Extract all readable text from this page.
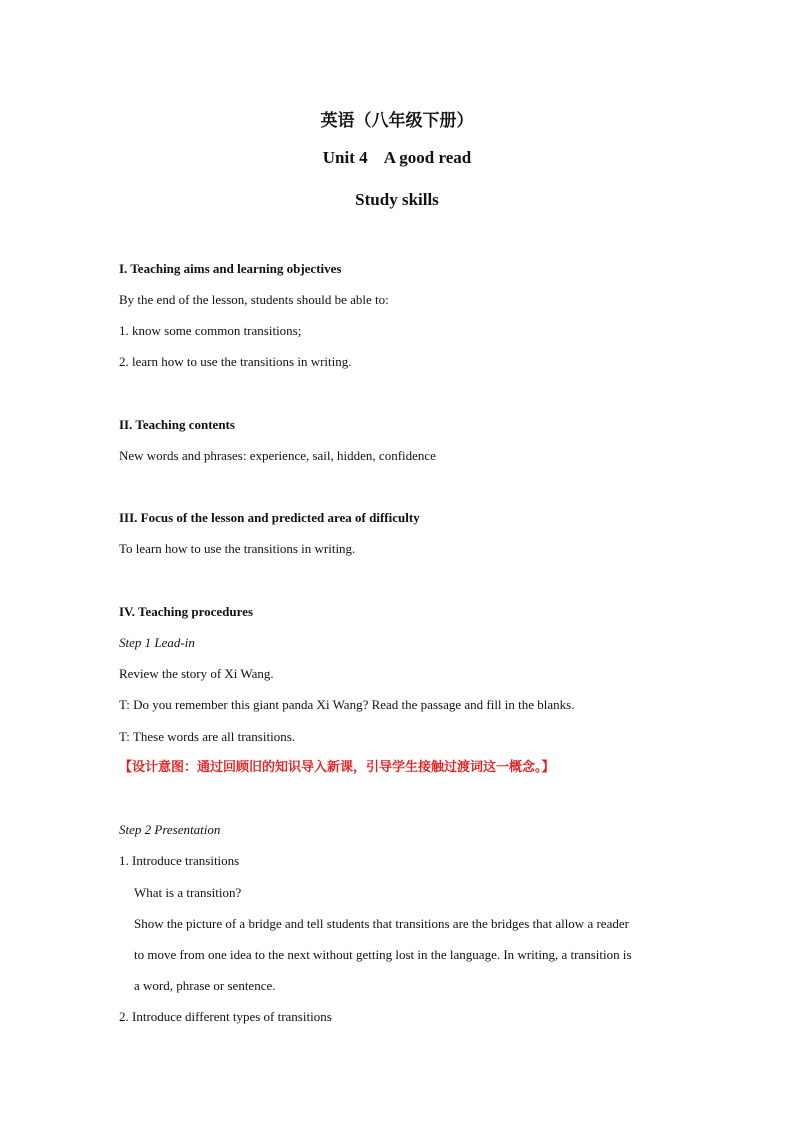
英语（八年级下册）
Unit 4    A good read
Study skills
I. Teaching aims and learning objectives
By the end of the lesson, students should be able to:
1. know some common transitions;
2. learn how to use the transitions in writing.
II. Teaching contents
New words and phrases: experience, sail, hidden, confidence
III. Focus of the lesson and predicted area of difficulty
To learn how to use the transitions in writing.
IV. Teaching procedures
Step 1 Lead-in
Review the story of Xi Wang.
T: Do you remember this giant panda Xi Wang? Read the passage and fill in the blanks.
T: These words are all transitions.
【设计意图：通过回顾旧的知识导入新课，引导学生接触过渡词这一概念。】
Step 2 Presentation
1. Introduce transitions
What is a transition?
Show the picture of a bridge and tell students that transitions are the bridges that allow a reader
to move from one idea to the next without getting lost in the language. In writing, a transition is
a word, phrase or sentence.
2. Introduce different types of transitions
